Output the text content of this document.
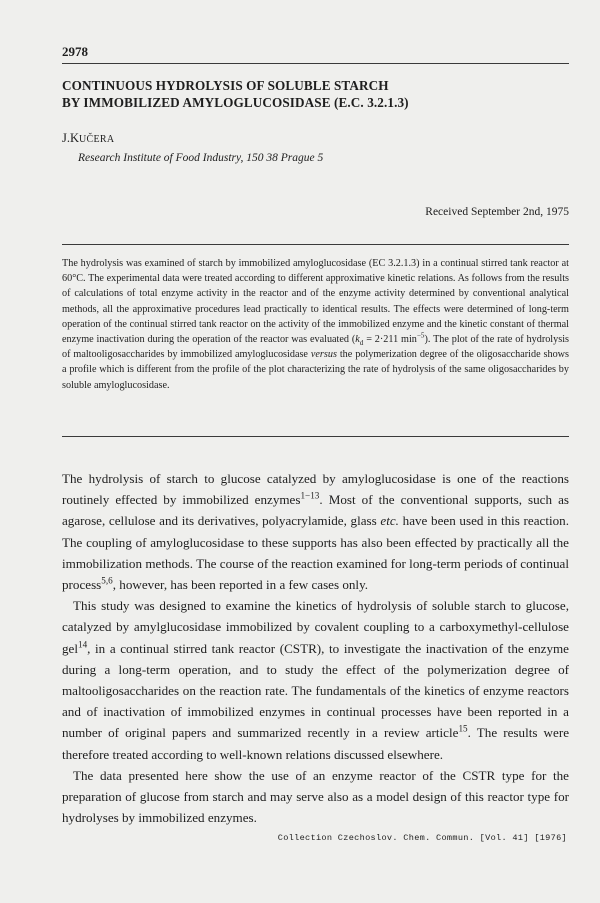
2978
CONTINUOUS HYDROLYSIS OF SOLUBLE STARCH
BY IMMOBILIZED AMYLOGLUCOSIDASE (E.C. 3.2.1.3)
J.KUČERA
Research Institute of Food Industry, 150 38 Prague 5
Received September 2nd, 1975

The hydrolysis was examined of starch by immobilized amyloglucosidase (EC 3.2.1.3) in a continual stirred tank reactor at 60°C. The experimental data were treated according to different approximative kinetic relations. As follows from the results of calculations of total enzyme activity in the reactor and of the enzyme activity determined by conventional analytical methods, all the approximative procedures lead practically to identical results. The effects were determined of long-term operation of the continual stirred tank reactor on the activity of the immobilized enzyme and the kinetic constant of thermal enzyme inactivation during the operation of the reactor was evaluated ($k_d = 2\cdot 211$ $\min^{-5}$). The plot of the rate of hydrolysis of maltooligosaccharides by immobilized amyloglucosidase versus the polymerization degree of the oligosaccharide shows a profile which is different from the profile of the plot characterizing the rate of hydrolysis of the same oligosaccharides by soluble amyloglucosidase.

The hydrolysis of starch to glucose catalyzed by amyloglucosidase is one of the reactions routinely effected by immobilized enzymes$^{1-13}$. Most of the conventional supports, such as agarose, cellulose and its derivatives, polyacrylamide, glass etc. have been used in this reaction. The coupling of amyloglucosidase to these supports has also been effected by practically all the immobilization methods. The course of the reaction examined for long-term periods of continual process$^{5,6}$, however, has been reported in a few cases only.

This study was designed to examine the kinetics of hydrolysis of soluble starch to glucose, catalyzed by amylglucosidase immobilized by covalent coupling to a carboxymethyl-cellulose gel$^{14}$, in a continual stirred tank reactor (CSTR), to investigate the inactivation of the enzyme during a long-term operation, and to study the effect of the polymerization degree of maltooligosaccharides on the reaction rate. The fundamentals of the kinetics of enzyme reactors and of inactivation of immobilized enzymes in continual processes have been reported in a number of original papers and summarized recently in a review article$^{15}$. The results were therefore treated according to well-known relations discussed elsewhere.

The data presented here show the use of an enzyme reactor of the CSTR type for the preparation of glucose from starch and may serve also as a model design of this reactor type for hydrolyses by immobilized enzymes.

Collection Czechoslov. Chem. Commun. [Vol. 41] [1976]
